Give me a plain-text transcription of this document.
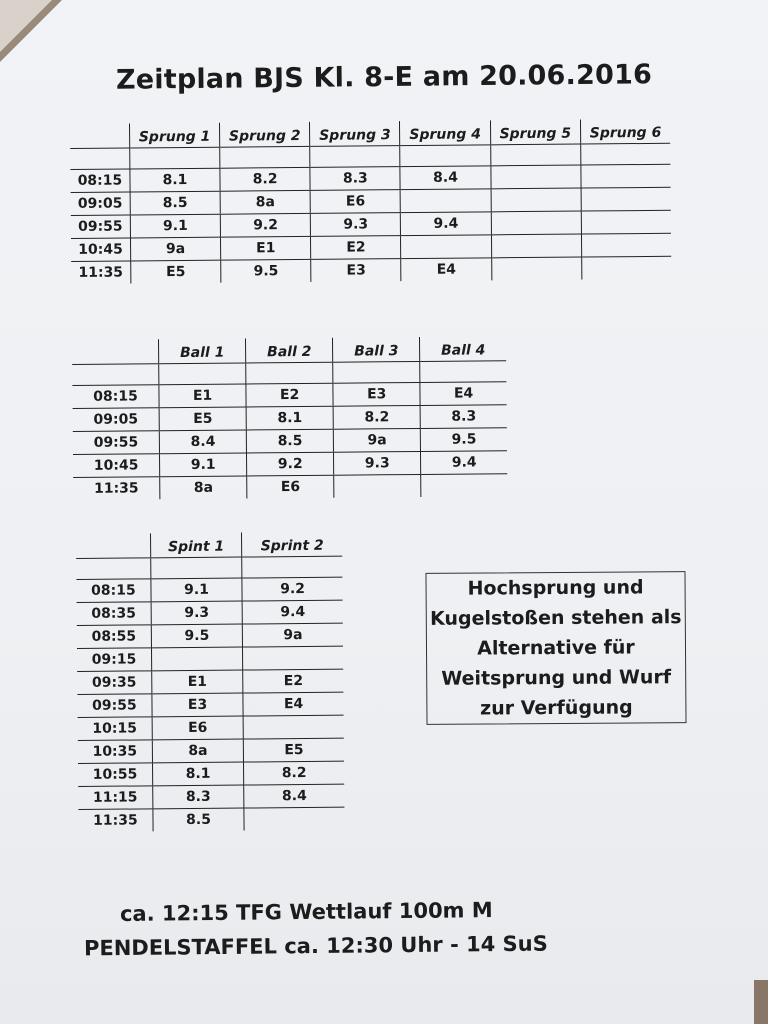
Zeitplan BJS Kl. 8-E am 20.06.2016
	Sprung 1	Sprung 2	Sprung 3	Sprung 4	Sprung 5	Sprung 6

08:15	8.1	8.2	8.3	8.4		
09:05	8.5	8a	E6			
09:55	9.1	9.2	9.3	9.4		
10:45	9a	E1	E2			
11:35	E5	9.5	E3	E4		
	Ball 1	Ball 2	Ball 3	Ball 4

08:15	E1	E2	E3	E4
09:05	E5	8.1	8.2	8.3
09:55	8.4	8.5	9a	9.5
10:45	9.1	9.2	9.3	9.4
11:35	8a	E6		
	Spint 1	Sprint 2

08:15	9.1	9.2
08:35	9.3	9.4
08:55	9.5	9a
09:15		
09:35	E1	E2
09:55	E3	E4
10:15	E6	
10:35	8a	E5
10:55	8.1	8.2
11:15	8.3	8.4
11:35	8.5	
Hochsprung und
Kugelstoßen stehen als
Alternative für
Weitsprung und Wurf
zur Verfügung
ca. 12:15 TFG Wettlauf 100m M
PENDELSTAFFEL ca. 12:30 Uhr - 14 SuS
